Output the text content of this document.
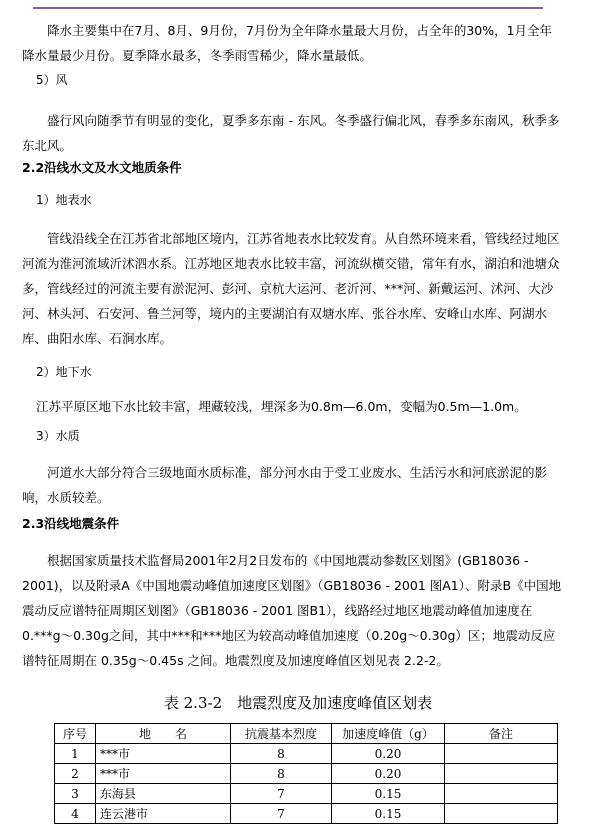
降水主要集中在7月、8月、9月份，7月份为全年降水量最大月份，占全年的30%，1月全年降水量最少月份。夏季降水最多，冬季雨雪稀少，降水量最低。

5）风

盛行风向随季节有明显的变化，夏季多东南 - 东风。冬季盛行偏北风，春季多东南风，秋季多东北风。

2.2沿线水文及水文地质条件
1）地表水

管线沿线全在江苏省北部地区境内，江苏省地表水比较发育。从自然环境来看，管线经过地区河流为淮河流域沂沭泗水系。江苏地区地表水比较丰富，河流纵横交错，常年有水，湖泊和池塘众多，管线经过的河流主要有淤泥河、彭河、京杭大运河、老沂河、***河、新戴运河、沭河、大沙河、林头河、石安河、鲁兰河等，境内的主要湖泊有双塘水库、张谷水库、安峰山水库、阿湖水库、曲阳水库、石涧水库。

2）地下水

江苏平原区地下水比较丰富，埋藏较浅，埋深多为0.8m—6.0m，变幅为0.5m—1.0m。

3）水质

河道水大部分符合三级地面水质标准，部分河水由于受工业废水、生活污水和河底淤泥的影响，水质较差。

2.3沿线地震条件

根据国家质量技术监督局2001年2月2日发布的《中国地震动参数区划图》(GB18036 - 2001)，以及附录A《中国地震动峰值加速度区划图》（GB18036 - 2001 图A1）、附录B《中国地震动反应谱特征周期区划图》（GB18036 - 2001 图B1），线路经过地区地震动峰值加速度在 0.***g～0.30g之间，其中***和***地区为较高动峰值加速度（0.20g～0.30g）区；地震动反应谱特征周期在 0.35g～0.45s 之间。地震烈度及加速度峰值区划见表 2.2-2。

表 2.3-2　地震烈度及加速度峰值区划表
序号	地　　名	抗震基本烈度	加速度峰值（g）	备注
1	***市	8	0.20	
2	***市	8	0.20	
3	东海县	7	0.15	
4	连云港市	7	0.15	
